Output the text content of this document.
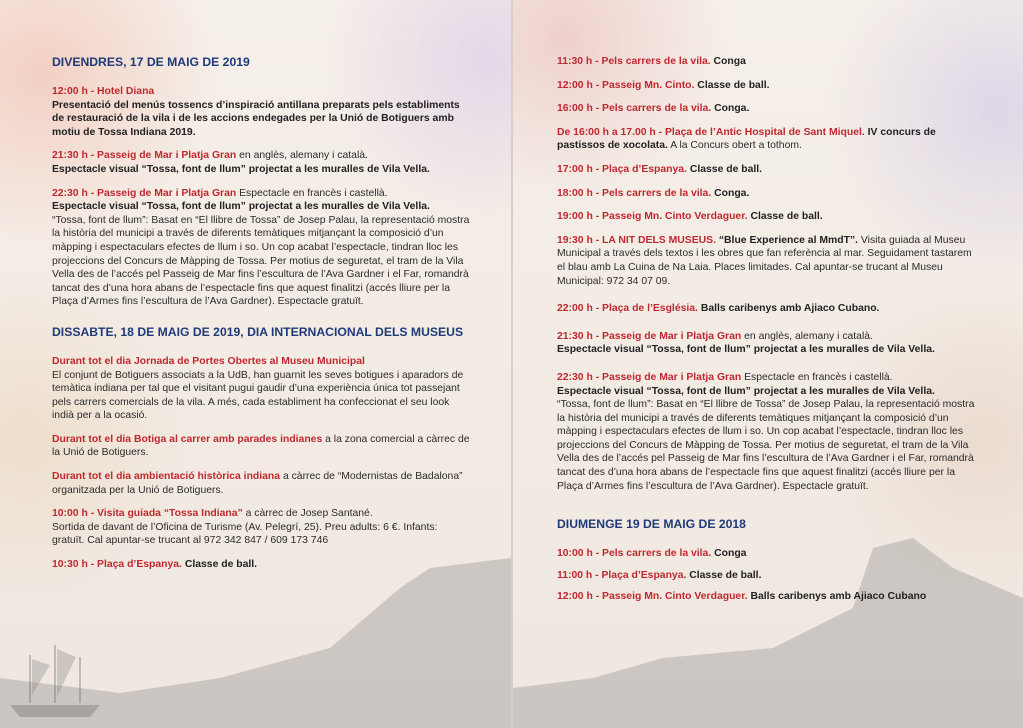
DIVENDRES, 17 DE MAIG DE 2019

12:00 h - Hotel Diana

Presentació del menús tossencs d’inspiració antillana preparats pels establiments de restauració de la vila i de les accions endegades per la Unió de Botiguers amb motiu de Tossa Indiana 2019.

21:30 h - Passeig de Mar i Platja Gran en anglès, alemany i català.

Espectacle visual “Tossa, font de llum” projectat a les muralles de Vila Vella.

22:30 h - Passeig de Mar i Platja Gran Espectacle en francès i castellà.

Espectacle visual “Tossa, font de llum” projectat a les muralles de Vila Vella.

“Tossa, font de llum”: Basat en “El llibre de Tossa” de Josep Palau, la representació mostra la història del municipi a través de diferents temàtiques mitjançant la composició d’un màpping i espectaculars efectes de llum i so. Un cop acabat l’espectacle, tindran lloc les projeccions del Concurs de Màpping de Tossa. Per motius de seguretat, el tram de la Vila Vella des de l’accés pel Passeig de Mar fins l’escultura de l’Ava Gardner i el Far, romandrà tancat des d’una hora abans de l’espectacle fins que aquest finalitzi (accés lliure per la Plaça d’Armes fins l’escultura de l’Ava Gardner). Espectacle gratuït.

DISSABTE, 18 DE MAIG DE 2019, DIA INTERNACIONAL DELS MUSEUS

Durant tot el dia Jornada de Portes Obertes al Museu Municipal

El conjunt de Botiguers associats a la UdB, han guarnit les seves botigues i aparadors de temàtica indiana per tal que el visitant pugui gaudir d’una experiència única tot passejant pels carrers comercials de la vila. A més, cada establiment ha confeccionat el seu look indià per a la ocasió.

Durant tot el dia Botiga al carrer amb parades indianes a la zona comercial a càrrec de la Unió de Botiguers.

Durant tot el dia ambientació històrica indiana a càrrec de “Modernistas de Badalona” organitzada per la Unió de Botiguers.

10:00 h - Visita guiada “Tossa Indiana” a càrrec de Josep Santané.

Sortida de davant de l’Oficina de Turisme (Av. Pelegrí, 25). Preu adults: 6 €. Infants: gratuït. Cal apuntar-se trucant al 972 342 847 / 609 173 746

10:30 h - Plaça d’Espanya. Classe de ball.

11:30 h - Pels carrers de la vila. Conga

12:00 h - Passeig Mn. Cinto. Classe de ball.

16:00 h - Pels carrers de la vila. Conga.

De 16:00 h a 17.00 h - Plaça de l’Antic Hospital de Sant Miquel. IV concurs de pastissos de xocolata. A la Concurs obert a tothom.

17:00 h - Plaça d’Espanya. Classe de ball.

18:00 h - Pels carrers de la vila. Conga.

19:00 h - Passeig Mn. Cinto Verdaguer. Classe de ball.

19:30 h - LA NIT DELS MUSEUS. “Blue Experience al MmdT”. Visita guiada al Museu Municipal a través dels textos i les obres que fan referència al mar. Seguidament tastarem el blau amb La Cuina de Na Laia. Places limitades. Cal apuntar-se trucant al Museu Municipal: 972 34 07 09.

22:00 h - Plaça de l’Església. Balls caribenys amb Ajiaco Cubano.

21:30 h - Passeig de Mar i Platja Gran en anglès, alemany i català.

Espectacle visual “Tossa, font de llum” projectat a les muralles de Vila Vella.

22:30 h - Passeig de Mar i Platja Gran Espectacle en francès i castellà.

Espectacle visual “Tossa, font de llum” projectat a les muralles de Vila Vella.

“Tossa, font de llum”: Basat en “El llibre de Tossa” de Josep Palau, la representació mostra la història del municipi a través de diferents temàtiques mitjançant la composició d’un màpping i espectaculars efectes de llum i so. Un cop acabat l’espectacle, tindran lloc les projeccions del Concurs de Màpping de Tossa. Per motius de seguretat, el tram de la Vila Vella des de l’accés pel Passeig de Mar fins l’escultura de l’Ava Gardner i el Far, romandrà tancat des d’una hora abans de l’espectacle fins que aquest finalitzi (accés lliure per la Plaça d’Armes fins l’escultura de l’Ava Gardner). Espectacle gratuït.

DIUMENGE 19 DE MAIG DE 2018

10:00 h - Pels carrers de la vila. Conga

11:00 h - Plaça d’Espanya. Classe de ball.

12:00 h - Passeig Mn. Cinto Verdaguer. Balls caribenys amb Ajiaco Cubano
